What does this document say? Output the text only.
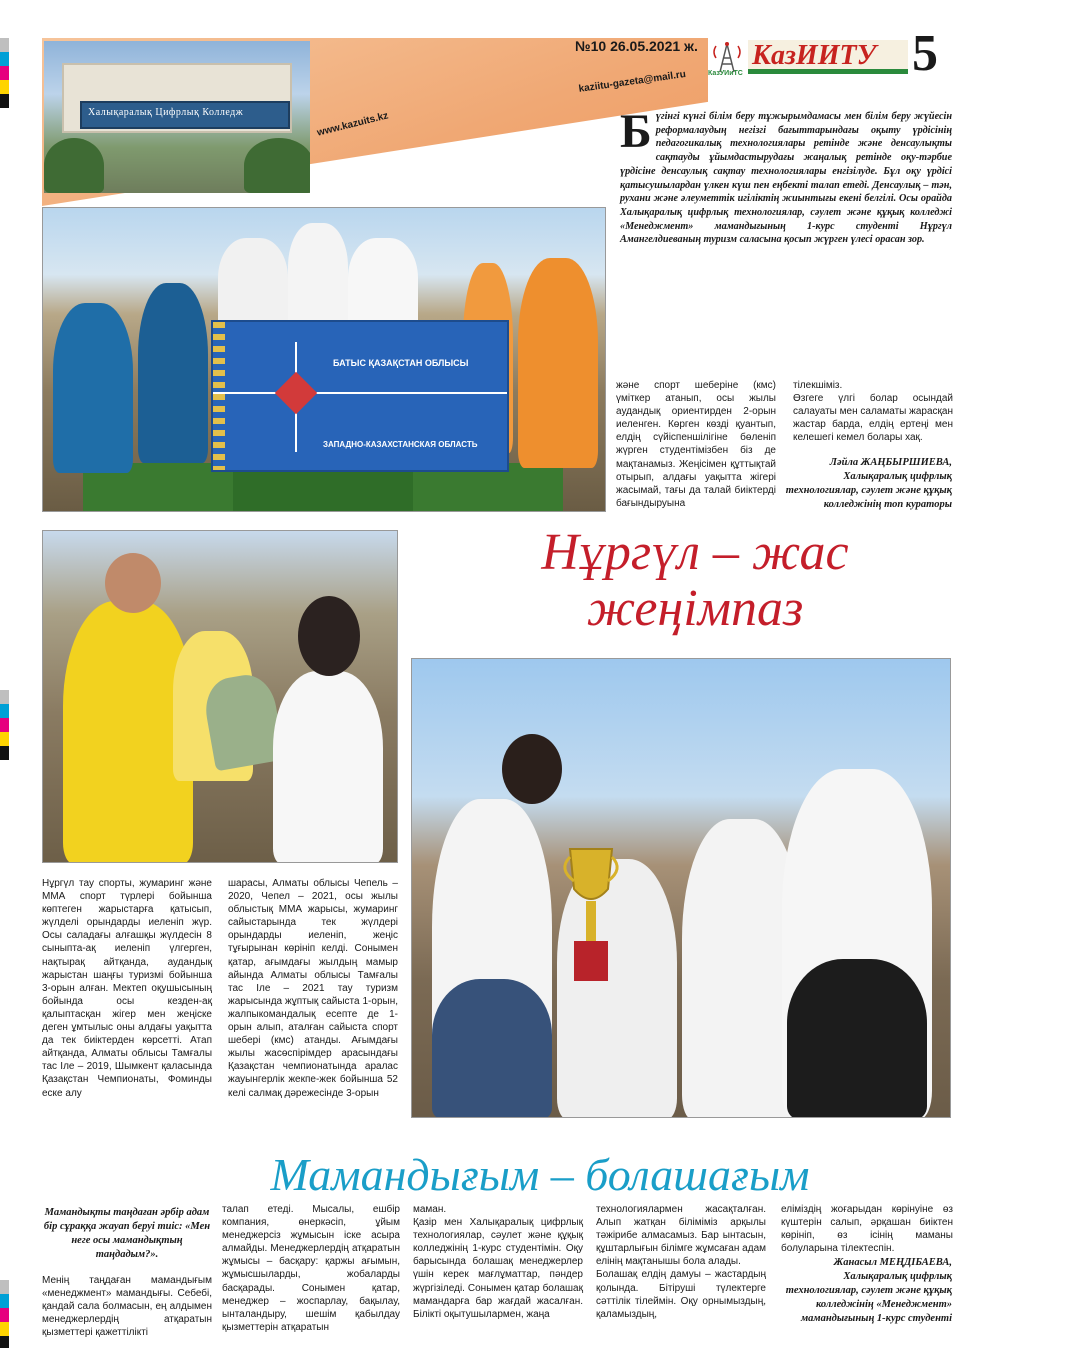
Халықаралық Цифрлық Колледж	www.kazuits.kz
№10 26.05.2021 ж.
kaziitu-gazeta@mail.ru
КазИИТУ
КазУИиТС	5
БАТЫС ҚАЗАҚСТАН ОБЛЫСЫ
ЗАПАДНО-КАЗАХСТАНСКАЯ ОБЛАСТЬ
Б үгінгі күнгі білім беру тұжырымдамасы мен білім беру жүйесін реформалаудың негізгі бағыттарындағы оқыту үрдісінің педагогикалық технологиялары ретінде және денсаулықты сақтауды ұйымдастырудағы жаңалық ретінде оқу-тәрбие үрдісіне денсаулық сақтау технологиялары енгізілуде. Бұл оқу үрдісі қатысушылардан үлкен күш пен еңбекті талап етеді. Денсаулық – тән, рухани және әлеуметтік игіліктің жиынтығы екені белгілі. Осы орайда Халықаралық цифрлық технологиялар, сәулет және құқық колледжі «Менеджмент» мамандығының 1-курс студенті Нұргүл Амангелдиеваның туризм саласына қосып жүрген үлесі орасан зор.
және спорт шеберіне (кмс) үміткер атанып, осы жылы аудандық ориентирден 2-орын иеленген. Көрген көзді қуантып, елдің сүйіспеншілігіне бөленіп жүрген студентімізбен біз де мақтанамыз. Жеңісімен құттықтай отырып, алдағы уақытта жігері жасымай, тағы да талай биіктерді бағындыруына
тілекшіміз.
Өзгеге үлгі болар осындай салауаты мен саламаты жарасқан жастар барда, елдің ертеңі мен келешегі кемел болары хақ.
Ләйла ЖАҢБЫРШИЕВА,
Халықаралық цифрлық технологиялар, сәулет және құқық колледжінің топ кураторы
Нұргүл – жас жеңімпаз
Нұргүл тау спорты, жумаринг және ММА спорт түрлері бойынша көптеген жарыстарға қатысып, жүлделі орындарды иеленіп жүр. Осы саладағы алғашқы жүлдесін 8 сыныпта-ақ иеленіп үлгерген, нақтырақ айтқанда, аудандық жарыстан шаңғы туризмі бойынша 3-орын алған. Мектеп оқушысының бойында осы кезден-ақ қалыптасқан жігер мен жеңіске деген ұмтылыс оны алдағы уақытта да тек биіктерден көрсетті. Атап айтқанда, Алматы облысы Тамғалы тас Іле – 2019, Шымкент қаласында Қазақстан Чемпионаты, Фоминды еске алу
шарасы, Алматы облысы Чепель – 2020, Чепел – 2021, осы жылы облыстық ММА жарысы, жумаринг сайыстарында тек жүлдері орындарды иеленіп, жеңіс тұғырынан көрініп келді. Сонымен қатар, ағымдағы жылдың мамыр айында Алматы облысы Тамғалы тас Іле – 2021 тау туризм жарысында жұптық сайыста 1-орын, жалпыкомандалық есепте де 1-орын алып, аталған сайыста спорт шебері (кмс) атанды. Ағымдағы жылы жасөспірімдер арасындағы Қазақстан чемпионатында аралас жауынгерлік жекпе-жек бойынша 52 келі салмақ дәрежесінде 3-орын
Мамандығым – болашағым
Мамандықты таңдаған әрбір адам бір сұраққа жауап беруі тиіс: «Мен неге осы мамандықтың таңдадым?».
Менің таңдаған мамандығым «менеджмент» мамандығы. Себебі, қандай сала болмасын, ең алдымен менеджерлердің атқаратын қызметтері қажеттілікті
талап етеді. Мысалы, ешбір компания, өнеркәсіп, ұйым менеджерсіз жұмысын іске асыра алмайды. Менеджерлердің атқаратын жұмысы – басқару: қаржы ағымын, жұмысшыларды, жобаларды басқарады. Сонымен қатар, менеджер – жоспарлау, бақылау, ынталандыру, шешім қабылдау қызметтерін атқаратын
маман.
Қазір мен Халықаралық цифрлық технологиялар, сәулет және құқық колледжінің 1-курс студентімін. Оқу барысында болашақ менеджерлер үшін керек мағлұматтар, пәндер жүргізіледі. Сонымен қатар болашақ мамандарға бар жағдай жасалған. Білікті оқытушылармен, жаңа
технологиялармен жасақталған. Алып жатқан біліміміз арқылы тәжірибе алмасамыз. Бар ынтасын, құштарлығын білімге жұмсаған адам елінің мақтанышы бола алады.
Болашақ елдің дамуы – жастардың қолында. Бітіруші түлектерге сәттілік тілеймін. Оқу орнымыздың, қаламыздың,
еліміздің жоғарыдан көрінуіне өз күштерін салып, әрқашан биіктен көрініп, өз ісінің маманы болуларына тілектеспін.
Жанасыл МЕҢДІБАЕВА,
Халықаралық цифрлық технологиялар, сәулет және құқық колледжінің «Менеджмент» мамандығының 1-курс студенті
